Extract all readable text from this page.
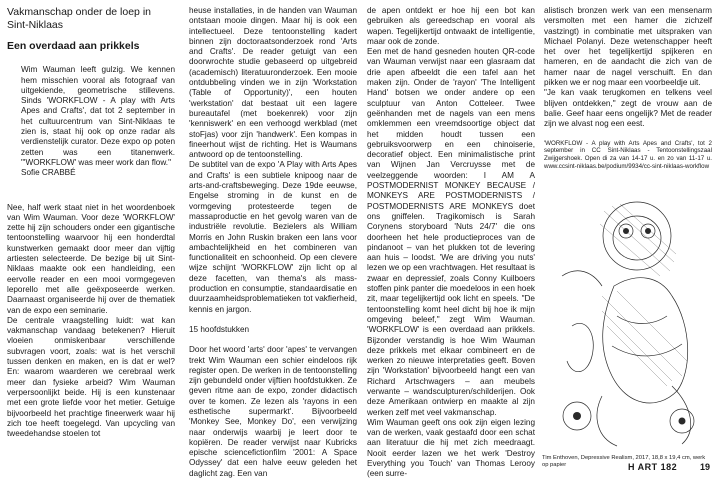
Vakmanschap onder de loep in
Sint-Niklaas

Een overdaad aan prikkels

Wim Wauman leeft gulzig. We kennen hem misschien vooral als fotograaf van uitgekiende, geometrische stillevens. Sinds 'WORKFLOW - A play with Arts Apes and Crafts', dat tot 2 september in het cultuurcentrum van Sint-Niklaas te zien is, staat hij ook op onze radar als verdienstelijk curator. Deze expo op poten zetten was een titanenwerk. "'WORKFLOW' was meer work dan flow."

Sofie CRABBÉ

Nee, half werk staat niet in het woordenboek van Wim Wauman. Voor deze 'WORKFLOW' zette hij zijn schouders onder een gigantische tentoonstelling waarvoor hij een honderdtal kunstwerken gemaakt door meer dan vijftig artiesten selecteerde. De bezige bij uit Sint-Niklaas maakte ook een handleiding, een eervolle reader en een mooi vormgegeven leporello met alle geëxposeerde werken. Daarnaast organiseerde hij over de thematiek van de expo een seminarie.
De centrale vraagstelling luidt: wat kan vakmanschap vandaag betekenen? Hieruit vloeien onmiskenbaar verschillende subvragen voort, zoals: wat is het verschil tussen denken en maken, en is dat er wel? En: waarom waarderen we cerebraal werk meer dan fysieke arbeid? Wim Wauman verpersoonlijkt beide. Hij is een kunstenaar met een grote liefde voor het metier. Getuige bijvoorbeeld het prachtige fineerwerk waar hij zich toe heeft toegelegd. Van upcycling van tweedehandse stoelen tot

heuse installaties, in de handen van Wauman ontstaan mooie dingen. Maar hij is ook een intellectueel. Deze tentoonstelling kadert binnen zijn doctoraatsonderzoek rond 'Arts and Crafts'. De reader getuigt van een doorwrochte studie gebaseerd op uitgebreid (academisch) literatuuronderzoek. Een mooie ontdubbeling vinden we in zijn 'Workstation (Table of Opportunity)', een houten 'werkstation' dat bestaat uit een lagere bureautafel (met boekenrek) voor zijn 'kenniswerk' en een verhoogd werkblad (met stoFjas) voor zijn 'handwerk'. Een kompas in fineerhout wijst de richting. Het is Waumans antwoord op de tentoonstelling.
De subtitel van de expo 'A Play with Arts Apes and Crafts' is een subtiele knipoog naar de arts-and-craftsbeweging. Deze 19de eeuwse, Engelse stroming in de kunst en de vormgeving protesteerde tegen de massaproductie en het gevolg waren van de industriële revolutie. Bezielers als William Morris en John Ruskin braken een lans voor ambachtelijkheid en het combineren van functionaliteit en schoonheid. Op een clevere wijze schijnt 'WORKFLOW' zijn licht op al deze facetten, van thema's als mass-production en consumptie, standaardisatie en duurzaamheidsproblematieken tot vakfierheid, kennis en jargon.

15 hoofdstukken

Door het woord 'arts' door 'apes' te vervangen trekt Wim Wauman een schier eindeloos rijk register open. De werken in de tentoonstelling zijn gebundeld onder vijftien hoofdstukken. Ze geven ritme aan de expo, zonder didactisch over te komen. Ze lezen als 'rayons in een esthetische supermarkt'. Bijvoorbeeld 'Monkey See, Monkey Do', een verwijzing naar onderwijs waarbij je leert door te kopiëren. De reader verwijst naar Kubricks epische sciencefictionfilm '2001: A Space Odyssey' dat een halve eeuw geleden het daglicht zag. Een van

de apen ontdekt er hoe hij een bot kan gebruiken als gereedschap en vooral als wapen. Tegelijkertijd ontwaakt de intelligentie, maar ook de zonde.
Een met de hand gesneden houten QR-code van Wauman verwijst naar een glasraam dat drie apen afbeeldt die een tafel aan het maken zijn. Onder de 'rayon' 'The Intelligent Hand' botsen we onder andere op een sculptuur van Anton Cotteleer. Twee geënhanden met de nagels van een mens omklemmen een vreemdsoortige object dat het midden houdt tussen een gebruiksvoorwerp en een chinoiserie, decoratief object. Een minimalistische print van Wijnen Jan Vercruysse met de veelzeggende woorden: I AM A POSTMODERNIST MONKEY BECAUSE / MONKEYS ARE POSTMODERNISTS / POSTMODERNISTS ARE MONKEYS doet ons gniffelen. Tragikomisch is Sarah Corynens storyboard 'Nuts 24/7' die ons doorheen het hele productieproces van de pindanoot – van het plukken tot de levering aan huis – loodst. 'We are driving you nuts' lezen we op een vrachtwagen. Het resultaat is zwaar en depressief, zoals Conny Kuilboers stoffen pink panter die moedeloos in een hoek zit, maar tegelijkertijd ook licht en speels. "De tentoonstelling komt heel dicht bij hoe ik mijn omgeving beleef," zegt Wim Wauman. 'WORKFLOW' is een overdaad aan prikkels. Bijzonder verstandig is hoe Wim Wauman deze prikkels met elkaar combineert en de werken zo nieuwe interpretaties geeft. Boven zijn 'Workstation' bijvoorbeeld hangt een van Richard Artschwagers – aan meubels verwante – wandsculpturen/schilderijen. Ook deze Amerikaan ontwierp en maakte al zijn werken zelf met veel vakmanschap.
Wim Wauman geeft ons ook zijn eigen lezing van de werken, vaak gestaafd door een schat aan literatuur die hij met zich meedraagt. Nooit eerder lazen we het werk 'Destroy Everything you Touch' van Thomas Lerooy (een surre-

alistisch bronzen werk van een mensenarm versmolten met een hamer die zichzelf vastzingt) in combinatie met uitspraken van Michael Polanyi. Deze wetenschapper heeft het over het tegelijkertijd spijkeren en hameren, en de aandacht die zich van de hamer naar de nagel verschuift. En dan pikken we er nog maar een voorbeeldje uit.
"Je kan vaak terugkomen en telkens veel blijven ontdekken," zegt de vrouw aan de balie. Geef haar eens ongelijk? Met de reader zijn we alvast nog een eest.

'WORKFLOW - A play with Arts Apes and Crafts', tot 2 september in CC Sint-Niklaas - Tentoonstellingszaal Zwijgershoek. Open di za van 14-17 u. en zo van 11-17 u. www.ccsint-niklaas.be/podium/9934/cc-sint-niklaas-workflow

Tim Enthoven, Depressive Realism, 2017, 18,8 x 19,4 cm, werk op papier	H ART 182	19
